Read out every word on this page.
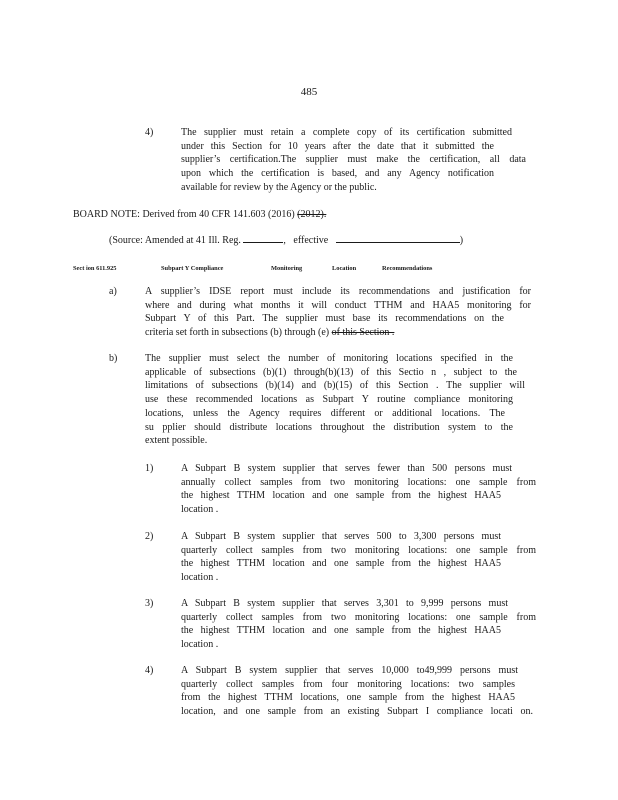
485
4)	The supplier must retain a complete copy of its certification submitted

under this Section for 10 years after the date that it submitted the

supplier’s certification.The supplier must make the certification, all data

upon which the certification is based, and any Agency notification

available for review by the Agency or the public.

BOARD NOTE: Derived from 40 CFR 141.603 (2016) (2012).
(Source: Amended at 41 Ill. Reg.	, effective	)
Sect ion 611.925	Subpart Y Compliance	Monitoring	Location	Recommendations
a)	A supplier’s IDSE report must include its recommendations and justification for

where and during what months it will conduct TTHM and HAA5 monitoring for

Subpart Y of this Part. The supplier must base its recommendations on the

criteria set forth in subsections (b) through (e) of this Section .

b)	The supplier must select the number of monitoring locations specified in the

applicable of subsections (b)(1) through(b)(13) of this Sectio n , subject to the

limitations of subsections (b)(14) and (b)(15) of this Section . The supplier will

use these recommended locations as Subpart Y routine compliance monitoring

locations, unless the Agency requires different or additional locations. The

su pplier should distribute locations throughout the distribution system to the

extent possible.

1)	A Subpart B system supplier that serves fewer than 500 persons must

annually collect samples from two monitoring locations: one sample from

the highest TTHM location and one sample from the highest HAA5

location .

2)	A Subpart B system supplier that serves 500 to 3,300 persons must

quarterly collect samples from two monitoring locations: one sample from

the highest TTHM location and one sample from the highest HAA5

location .

3)	A Subpart B system supplier that serves 3,301 to 9,999 persons must

quarterly collect samples from two monitoring locations: one sample from

the highest TTHM location and one sample from the highest HAA5

location .

4)	A Subpart B system supplier that serves 10,000 to49,999 persons must

quarterly collect samples from four monitoring locations: two samples

from the highest TTHM locations, one sample from the highest HAA5

location, and one sample from an existing Subpart I compliance locati on.
